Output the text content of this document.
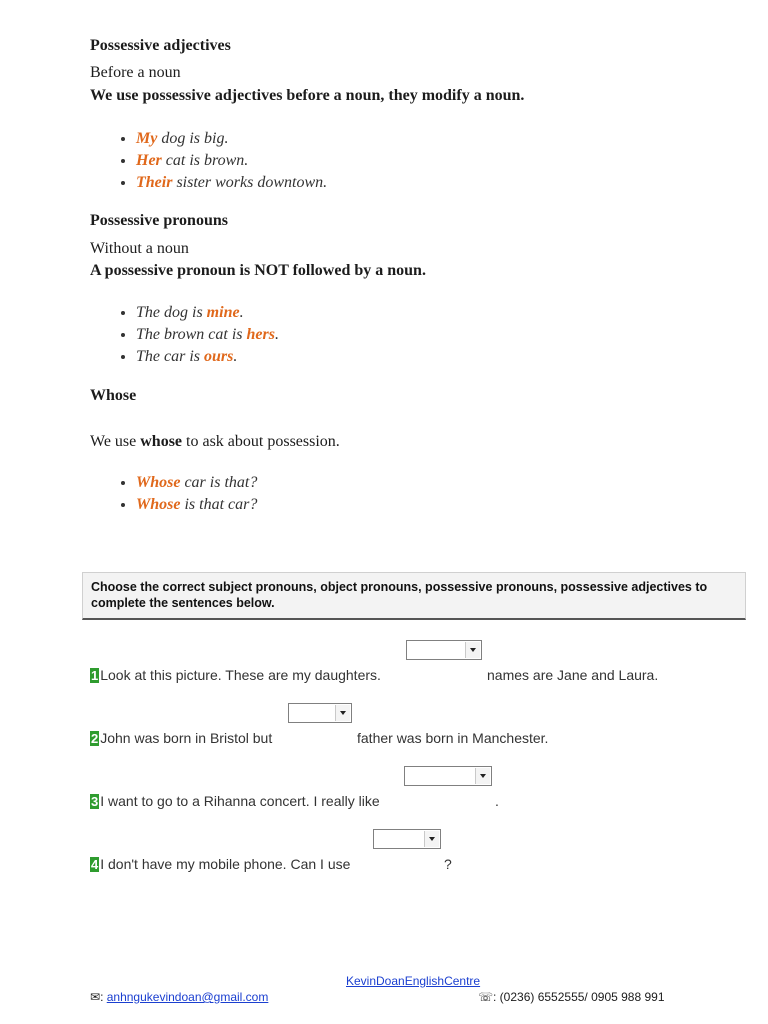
Possessive adjectives
Before a noun
We use possessive adjectives before a noun, they modify a noun.
• My dog is big.
• Her cat is brown.
• Their sister works downtown.
Possessive pronouns
Without a noun
A possessive pronoun is NOT followed by a noun.
• The dog is mine.
• The brown cat is hers.
• The car is ours.
Whose
We use whose to ask about possession.
• Whose car is that?
• Whose is that car?
Choose the correct subject pronouns, object pronouns, possessive pronouns, possessive adjectives to complete the sentences below.
1 Look at this picture. These are my daughters.	names are Jane and Laura.
2 John was born in Bristol but	father was born in Manchester.
3 I want to go to a Rihanna concert. I really like	.
4 I don't have my mobile phone. Can I use	?
KevinDoanEnglishCentre
✉: anhngukevindoan@gmail.com	☏: (0236) 6552555/ 0905 988 991
